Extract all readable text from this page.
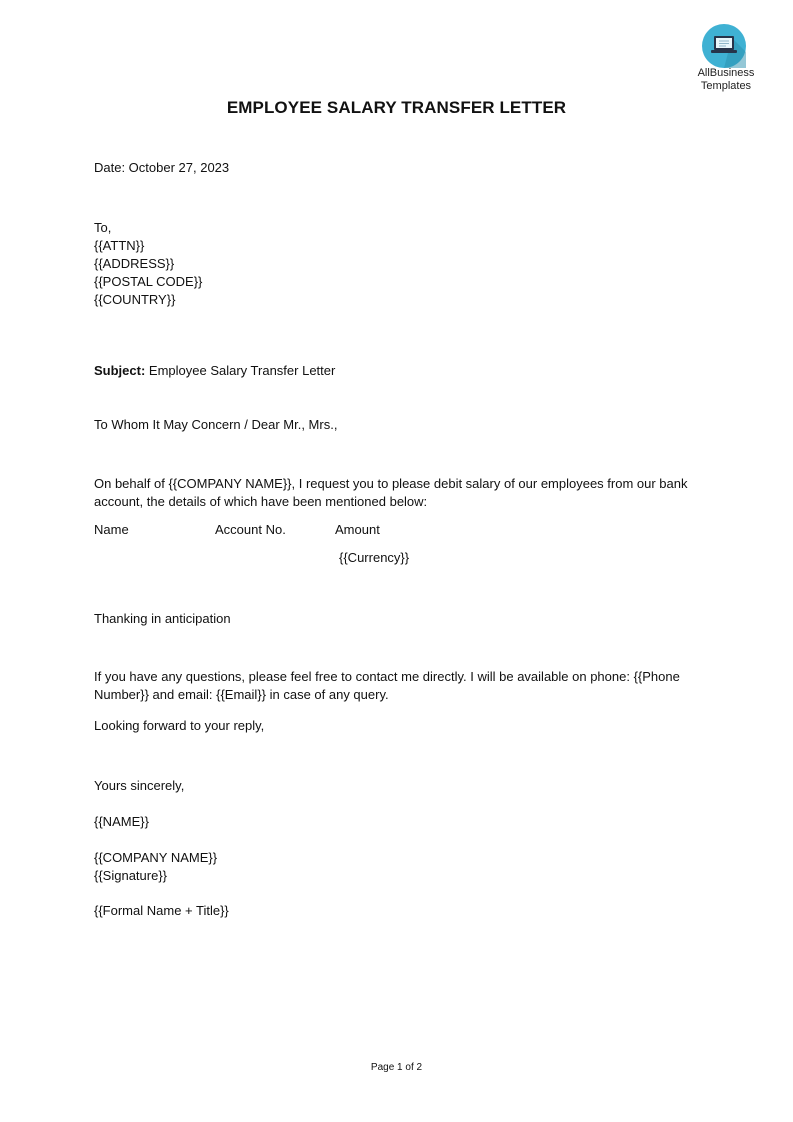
AllBusiness
Templates
EMPLOYEE SALARY TRANSFER LETTER
Date: October 27, 2023
To,
{{ATTN}}
{{ADDRESS}}
{{POSTAL CODE}}
{{COUNTRY}}
Subject: Employee Salary Transfer Letter
To Whom It May Concern / Dear Mr., Mrs.,
On behalf of {{COMPANY NAME}}, I request you to please debit salary of our employees from our bank account, the details of which have been mentioned below:
Name	Account No.	Amount
{{Currency}}
Thanking in anticipation
If you have any questions, please feel free to contact me directly. I will be available on phone: {{Phone Number}} and email: {{Email}} in case of any query.
Looking forward to your reply,
Yours sincerely,
{{NAME}}
{{COMPANY NAME}}
{{Signature}}
{{Formal Name + Title}}
Page 1 of 2
